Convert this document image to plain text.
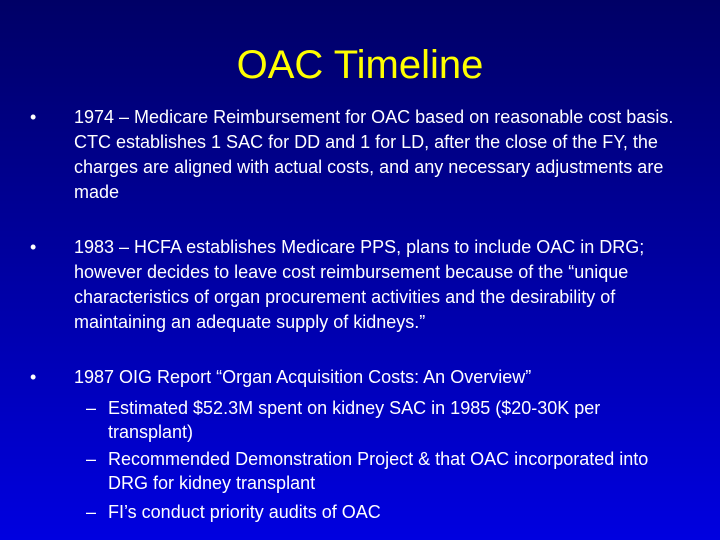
OAC Timeline
• 1974 – Medicare Reimbursement for OAC based on reasonable cost basis. CTC establishes 1 SAC for DD and 1 for LD, after the close of the FY, the charges are aligned with actual costs, and any necessary adjustments are made
• 1983 – HCFA establishes Medicare PPS, plans to include OAC in DRG; however decides to leave cost reimbursement because of the “unique characteristics of organ procurement activities and the desirability of maintaining an adequate supply of kidneys.”
• 1987 OIG Report “Organ Acquisition Costs: An Overview”
– Estimated $52.3M spent on kidney SAC in 1985 ($20-30K per transplant)
– Recommended Demonstration Project & that OAC incorporated into DRG for kidney transplant
– FI’s conduct priority audits of OAC
